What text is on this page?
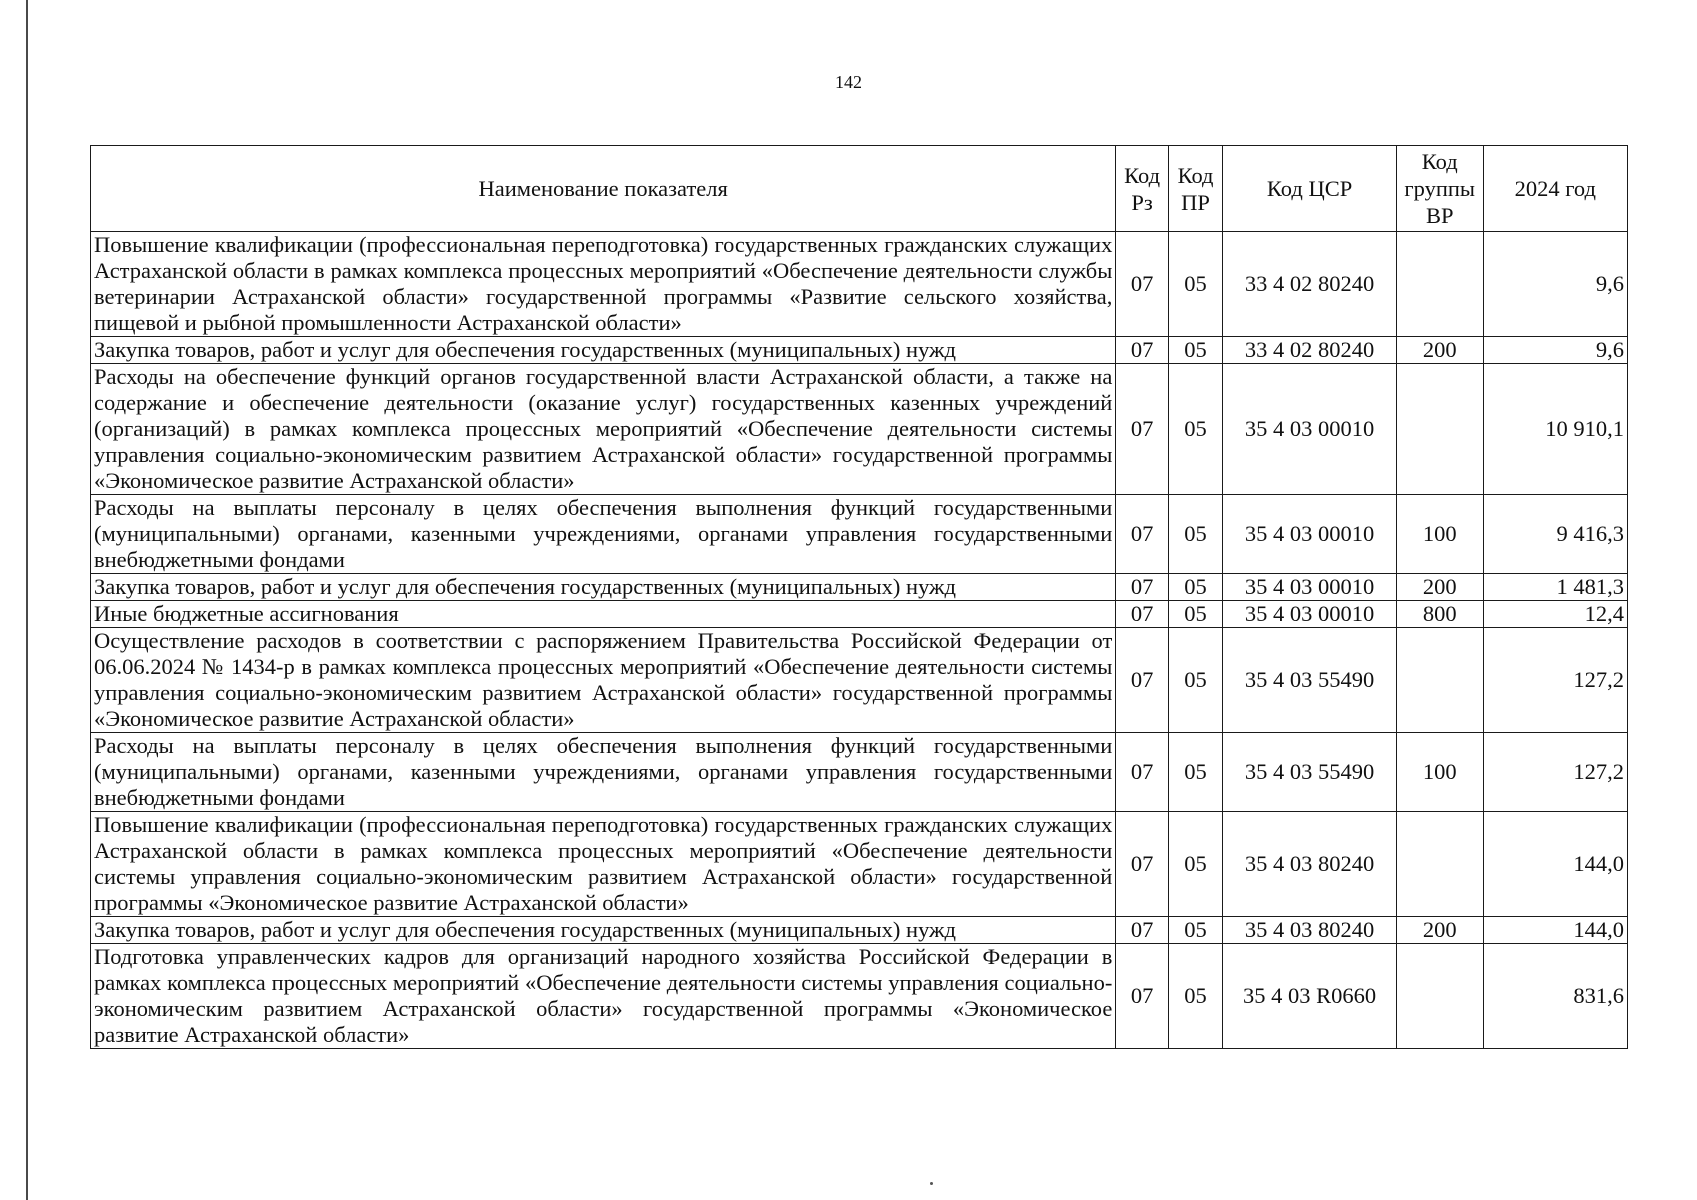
142
Наименование показателя	Код Рз	Код ПР	Код ЦСР	Код группы ВР	2024 год
Повышение квалификации (профессиональная переподготовка) государственных гражданских служащих Астраханской области в рамках комплекса процессных мероприятий «Обеспечение деятельности службы ветеринарии Астраханской области» государственной программы «Развитие сельского хозяйства, пищевой и рыбной промышленности Астраханской области»	07	05	33 4 02 80240		9,6
Закупка товаров, работ и услуг для обеспечения государственных (муниципальных) нужд	07	05	33 4 02 80240	200	9,6
Расходы на обеспечение функций органов государственной власти Астраханской области, а также на содержание и обеспечение деятельности (оказание услуг) государственных казенных учреждений (организаций) в рамках комплекса процессных мероприятий «Обеспечение деятельности системы управления социально-экономическим развитием Астраханской области» государственной программы «Экономическое развитие Астраханской области»	07	05	35 4 03 00010		10 910,1
Расходы на выплаты персоналу в целях обеспечения выполнения функций государственными (муниципальными) органами, казенными учреждениями, органами управления государственными внебюджетными фондами	07	05	35 4 03 00010	100	9 416,3
Закупка товаров, работ и услуг для обеспечения государственных (муниципальных) нужд	07	05	35 4 03 00010	200	1 481,3
Иные бюджетные ассигнования	07	05	35 4 03 00010	800	12,4
Осуществление расходов в соответствии с распоряжением Правительства Российской Федерации от 06.06.2024 № 1434-р в рамках комплекса процессных мероприятий «Обеспечение деятельности системы управления социально-экономическим развитием Астраханской области» государственной программы «Экономическое развитие Астраханской области»	07	05	35 4 03 55490		127,2
Расходы на выплаты персоналу в целях обеспечения выполнения функций государственными (муниципальными) органами, казенными учреждениями, органами управления государственными внебюджетными фондами	07	05	35 4 03 55490	100	127,2
Повышение квалификации (профессиональная переподготовка) государственных гражданских служащих Астраханской области в рамках комплекса процессных мероприятий «Обеспечение деятельности системы управления социально-экономическим развитием Астраханской области» государственной программы «Экономическое развитие Астраханской области»	07	05	35 4 03 80240		144,0
Закупка товаров, работ и услуг для обеспечения государственных (муниципальных) нужд	07	05	35 4 03 80240	200	144,0
Подготовка управленческих кадров для организаций народного хозяйства Российской Федерации в рамках комплекса процессных мероприятий «Обеспечение деятельности системы управления социально-экономическим развитием Астраханской области» государственной программы «Экономическое развитие Астраханской области»	07	05	35 4 03 R0660		831,6
